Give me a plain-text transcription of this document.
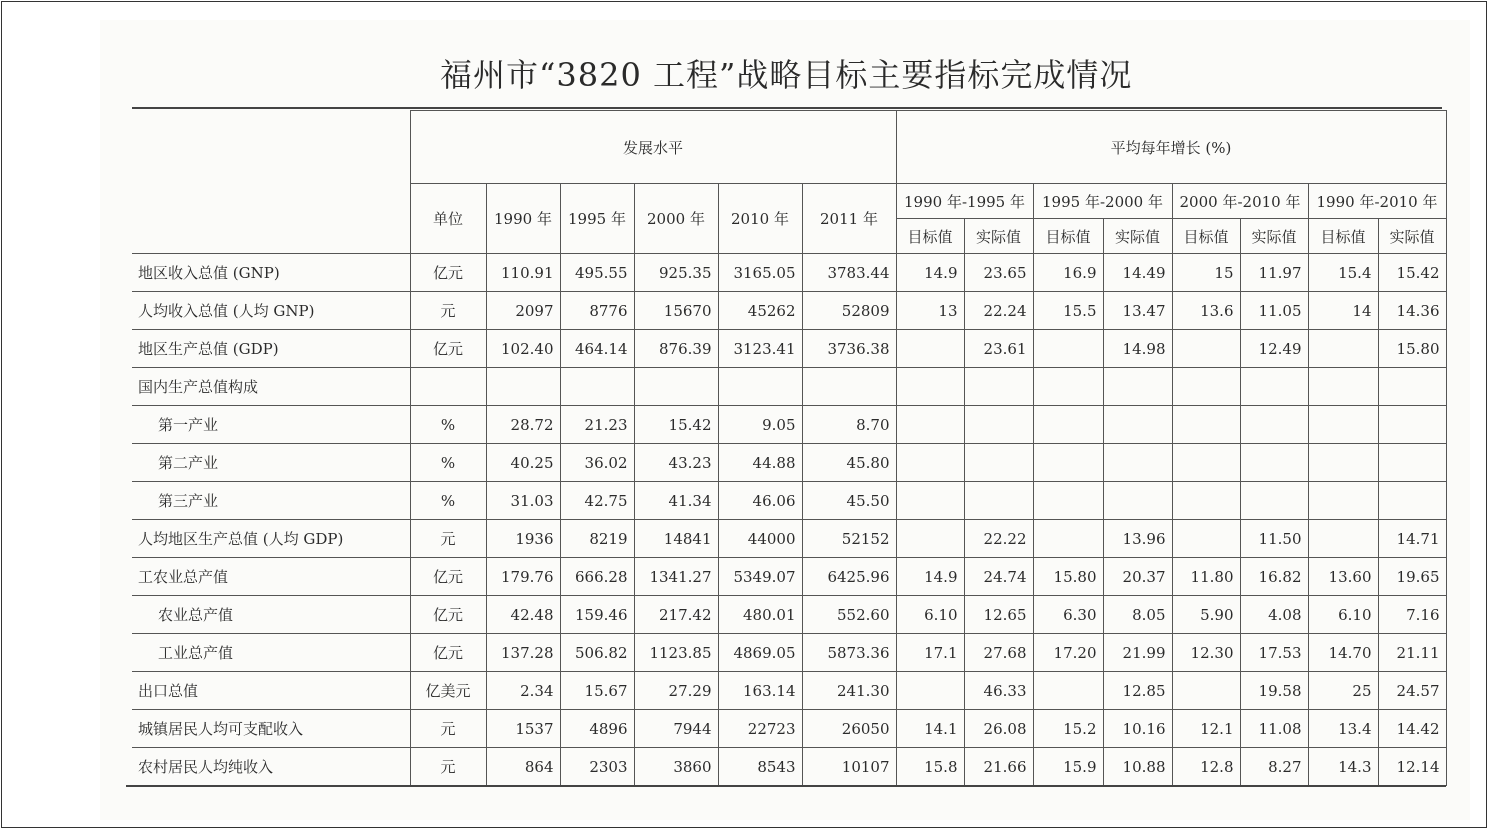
福州市“3820 工程”战略目标主要指标完成情况
	发展水平						平均每年增长 (%)							
	单位	1990 年	1995 年	2000 年	2010 年	2011 年	1990 年-1995 年		1995 年-2000 年		2000 年-2010 年		1990 年-2010 年	
							目标值	实际值	目标值	实际值	目标值	实际值	目标值	实际值
地区收入总值 (GNP)	亿元	110.91	495.55	925.35	3165.05	3783.44	14.9	23.65	16.9	14.49	15	11.97	15.4	15.42
人均收入总值 (人均 GNP)	元	2097	8776	15670	45262	52809	13	22.24	15.5	13.47	13.6	11.05	14	14.36
地区生产总值 (GDP)	亿元	102.40	464.14	876.39	3123.41	3736.38		23.61		14.98		12.49		15.80
国内生产总值构成														
第一产业	%	28.72	21.23	15.42	9.05	8.70								
第二产业	%	40.25	36.02	43.23	44.88	45.80								
第三产业	%	31.03	42.75	41.34	46.06	45.50								
人均地区生产总值 (人均 GDP)	元	1936	8219	14841	44000	52152		22.22		13.96		11.50		14.71
工农业总产值	亿元	179.76	666.28	1341.27	5349.07	6425.96	14.9	24.74	15.80	20.37	11.80	16.82	13.60	19.65
农业总产值	亿元	42.48	159.46	217.42	480.01	552.60	6.10	12.65	6.30	8.05	5.90	4.08	6.10	7.16
工业总产值	亿元	137.28	506.82	1123.85	4869.05	5873.36	17.1	27.68	17.20	21.99	12.30	17.53	14.70	21.11
出口总值	亿美元	2.34	15.67	27.29	163.14	241.30		46.33		12.85		19.58	25	24.57
城镇居民人均可支配收入	元	1537	4896	7944	22723	26050	14.1	26.08	15.2	10.16	12.1	11.08	13.4	14.42
农村居民人均纯收入	元	864	2303	3860	8543	10107	15.8	21.66	15.9	10.88	12.8	8.27	14.3	12.14
